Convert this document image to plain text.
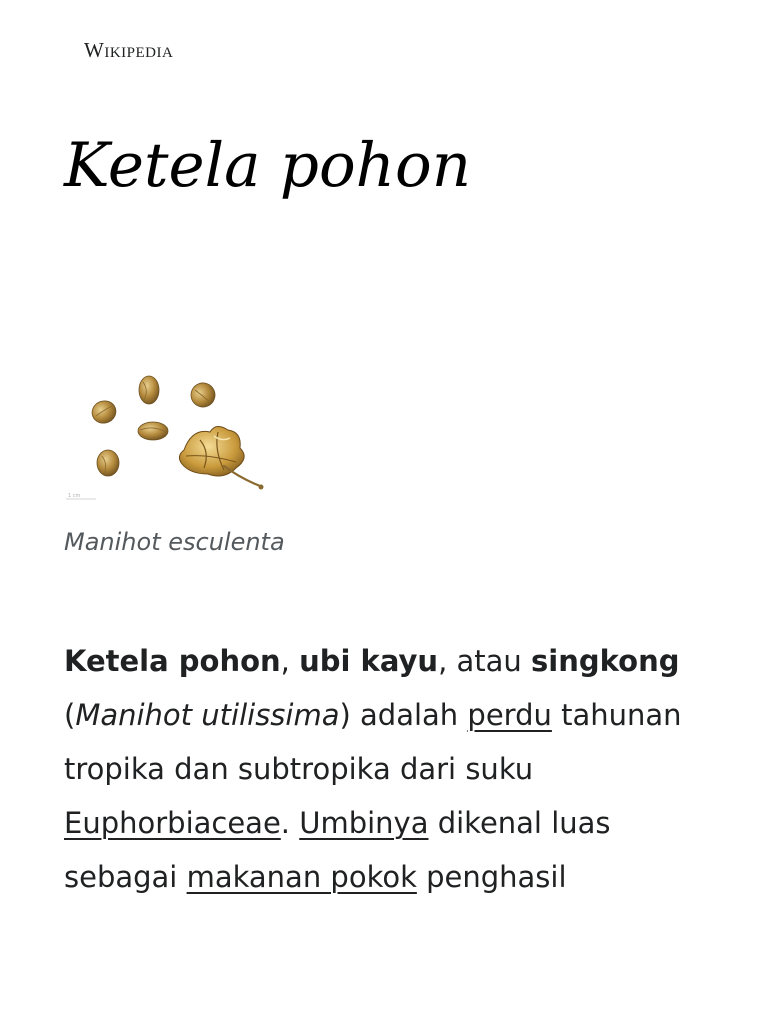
Wikipedia
Ketela pohon
1 cm
Manihot esculenta

Ketela pohon, ubi kayu, atau singkong (Manihot utilissima) adalah perdu tahunan tropika dan subtropika dari suku Euphorbiaceae. Umbinya dikenal luas sebagai makanan pokok penghasil
